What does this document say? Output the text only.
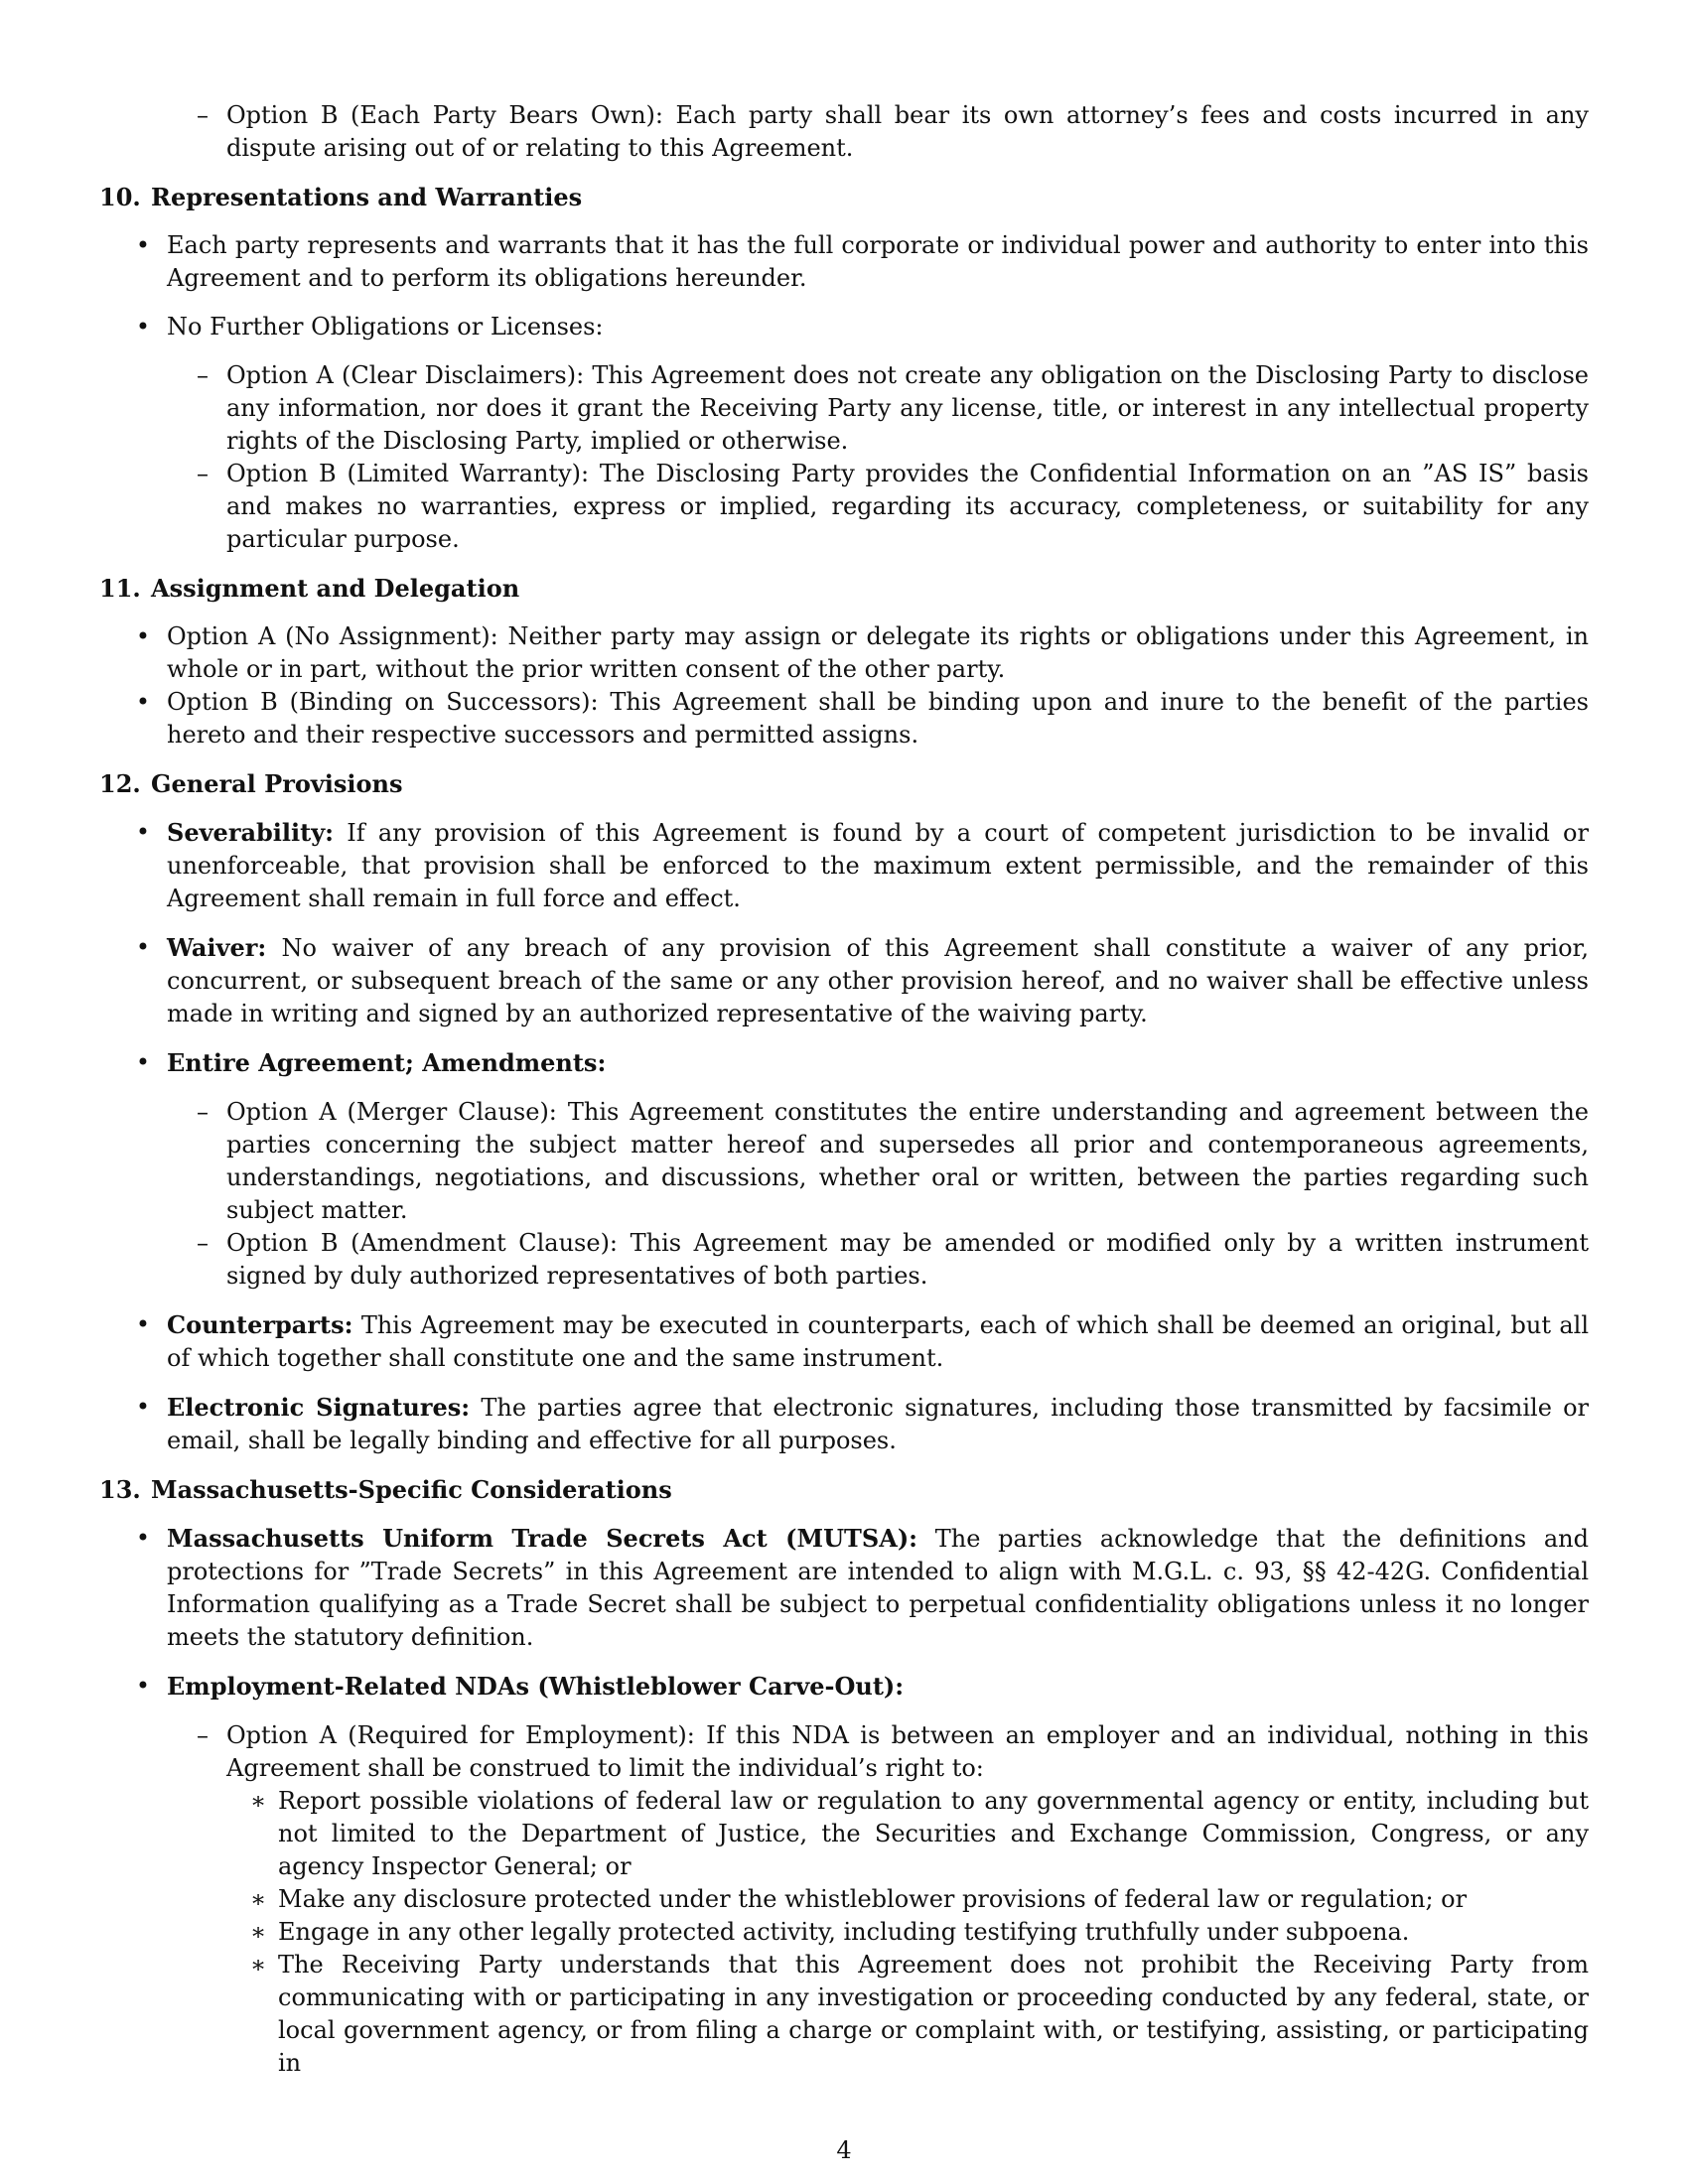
– Option B (Each Party Bears Own): Each party shall bear its own attorney’s fees and costs incurred in any dispute arising out of or relating to this Agreement.
10. Representations and Warranties
• Each party represents and warrants that it has the full corporate or individual power and authority to enter into this Agreement and to perform its obligations hereunder.
• No Further Obligations or Licenses:
– Option A (Clear Disclaimers): This Agreement does not create any obligation on the Disclosing Party to disclose any information, nor does it grant the Receiving Party any license, title, or interest in any intellectual property rights of the Disclosing Party, implied or otherwise.
– Option B (Limited Warranty): The Disclosing Party provides the Confidential Information on an ”AS IS” basis and makes no warranties, express or implied, regarding its accuracy, completeness, or suitability for any particular purpose.
11. Assignment and Delegation
• Option A (No Assignment): Neither party may assign or delegate its rights or obligations under this Agreement, in whole or in part, without the prior written consent of the other party.
• Option B (Binding on Successors): This Agreement shall be binding upon and inure to the benefit of the parties hereto and their respective successors and permitted assigns.
12. General Provisions
• Severability: If any provision of this Agreement is found by a court of competent jurisdiction to be invalid or unenforceable, that provision shall be enforced to the maximum extent permissible, and the remainder of this Agreement shall remain in full force and effect.
• Waiver: No waiver of any breach of any provision of this Agreement shall constitute a waiver of any prior, concurrent, or subsequent breach of the same or any other provision hereof, and no waiver shall be effective unless made in writing and signed by an authorized representative of the waiving party.
• Entire Agreement; Amendments:
– Option A (Merger Clause): This Agreement constitutes the entire understanding and agreement between the parties concerning the subject matter hereof and supersedes all prior and contemporaneous agreements, understandings, negotiations, and discussions, whether oral or written, between the parties regarding such subject matter.
– Option B (Amendment Clause): This Agreement may be amended or modified only by a written instrument signed by duly authorized representatives of both parties.
• Counterparts: This Agreement may be executed in counterparts, each of which shall be deemed an original, but all of which together shall constitute one and the same instrument.
• Electronic Signatures: The parties agree that electronic signatures, including those transmitted by facsimile or email, shall be legally binding and effective for all purposes.
13. Massachusetts-Specific Considerations
• Massachusetts Uniform Trade Secrets Act (MUTSA): The parties acknowledge that the definitions and protections for ”Trade Secrets” in this Agreement are intended to align with M.G.L. c. 93, §§ 42-42G. Confidential Information qualifying as a Trade Secret shall be subject to perpetual confidentiality obligations unless it no longer meets the statutory definition.
• Employment-Related NDAs (Whistleblower Carve-Out):
– Option A (Required for Employment): If this NDA is between an employer and an individual, nothing in this Agreement shall be construed to limit the individual’s right to:
∗ Report possible violations of federal law or regulation to any governmental agency or entity, including but not limited to the Department of Justice, the Securities and Exchange Commission, Congress, or any agency Inspector General; or
∗ Make any disclosure protected under the whistleblower provisions of federal law or regulation; or
∗ Engage in any other legally protected activity, including testifying truthfully under subpoena.
∗ The Receiving Party understands that this Agreement does not prohibit the Receiving Party from communicating with or participating in any investigation or proceeding conducted by any federal, state, or local government agency, or from filing a charge or complaint with, or testifying, assisting, or participating in
4
